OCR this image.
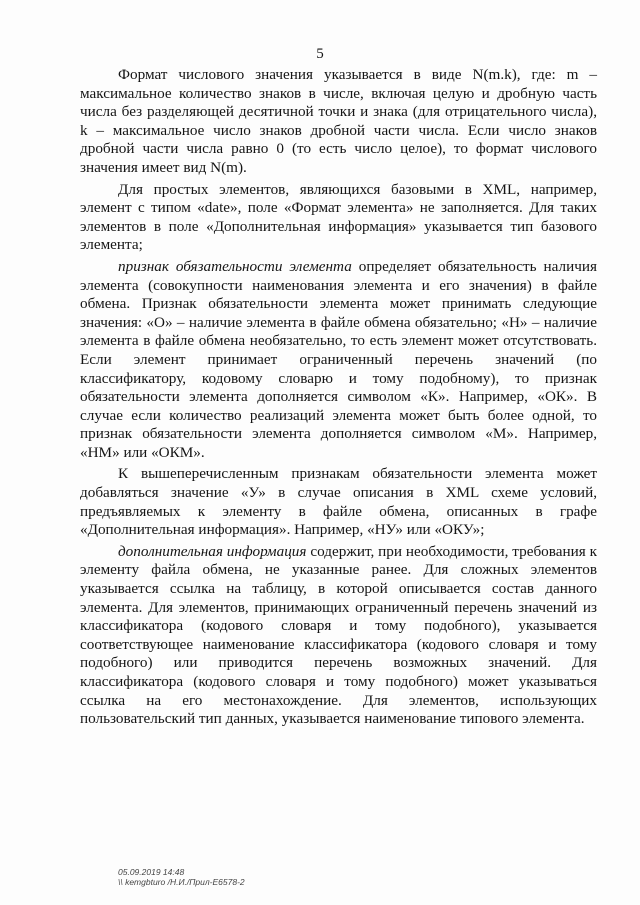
5

Формат числового значения указывается в виде N(m.k), где: m – максимальное количество знаков в числе, включая целую и дробную часть числа без разделяющей десятичной точки и знака (для отрицательного числа), k – максимальное число знаков дробной части числа. Если число знаков дробной части числа равно 0 (то есть число целое), то формат числового значения имеет вид N(m).

Для простых элементов, являющихся базовыми в XML, например, элемент с типом «date», поле «Формат элемента» не заполняется. Для таких элементов в поле «Дополнительная информация» указывается тип базового элемента;

признак обязательности элемента определяет обязательность наличия элемента (совокупности наименования элемента и его значения) в файле обмена. Признак обязательности элемента может принимать следующие значения: «О» – наличие элемента в файле обмена обязательно; «Н» – наличие элемента в файле обмена необязательно, то есть элемент может отсутствовать. Если элемент принимает ограниченный перечень значений (по классификатору, кодовому словарю и тому подобному), то признак обязательности элемента дополняется символом «К». Например, «ОК». В случае если количество реализаций элемента может быть более одной, то признак обязательности элемента дополняется символом «М». Например, «НМ» или «ОКМ».

К вышеперечисленным признакам обязательности элемента может добавляться значение «У» в случае описания в XML схеме условий, предъявляемых к элементу в файле обмена, описанных в графе «Дополнительная информация». Например, «НУ» или «ОКУ»;

дополнительная информация содержит, при необходимости, требования к элементу файла обмена, не указанные ранее. Для сложных элементов указывается ссылка на таблицу, в которой описывается состав данного элемента. Для элементов, принимающих ограниченный перечень значений из классификатора (кодового словаря и тому подобного), указывается соответствующее наименование классификатора (кодового словаря и тому подобного) или приводится перечень возможных значений. Для классификатора (кодового словаря и тому подобного) может указываться ссылка на его местонахождение. Для элементов, использующих пользовательский тип данных, указывается наименование типового элемента.

05.09.2019 14:48
\\ kemgbturo /Н.И./Прил-Е6578-2
